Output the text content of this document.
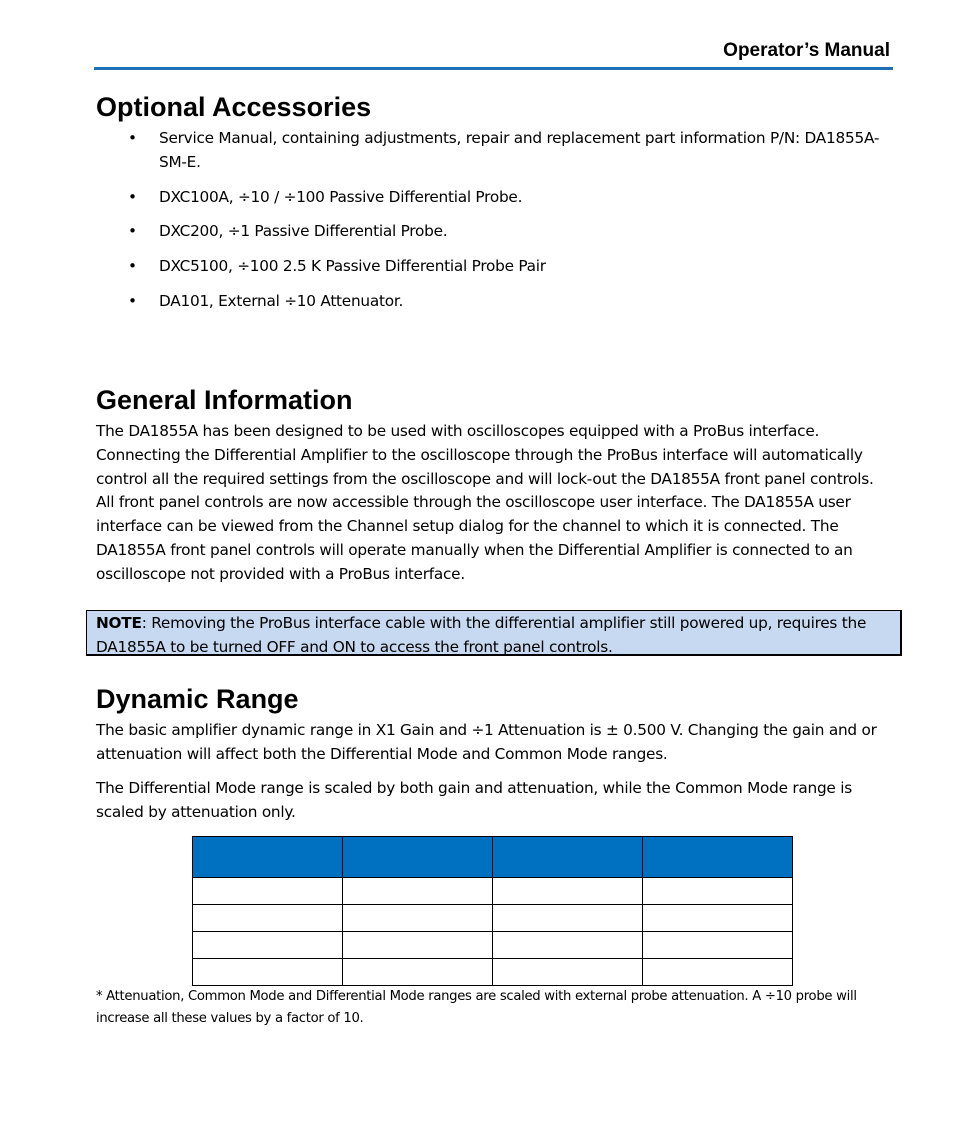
Operator’s Manual
Optional Accessories
• Service Manual, containing adjustments, repair and replacement part information P/N: DA1855A-SM-E.
• DXC100A, ÷10 / ÷100 Passive Differential Probe.
• DXC200, ÷1 Passive Differential Probe.
• DXC5100, ÷100 2.5 K Passive Differential Probe Pair
• DA101, External ÷10 Attenuator.
General Information

The DA1855A has been designed to be used with oscilloscopes equipped with a ProBus interface. Connecting the Differential Amplifier to the oscilloscope through the ProBus interface will automatically control all the required settings from the oscilloscope and will lock-out the DA1855A front panel controls. All front panel controls are now accessible through the oscilloscope user interface. The DA1855A user interface can be viewed from the Channel setup dialog for the channel to which it is connected. The DA1855A front panel controls will operate manually when the Differential Amplifier is connected to an oscilloscope not provided with a ProBus interface.

NOTE: Removing the ProBus interface cable with the differential amplifier still powered up, requires the DA1855A to be turned OFF and ON to access the front panel controls.
Dynamic Range

The basic amplifier dynamic range in X1 Gain and ÷1 Attenuation is ± 0.500 V. Changing the gain and or attenuation will affect both the Differential Mode and Common Mode ranges.

The Differential Mode range is scaled by both gain and attenuation, while the Common Mode range is scaled by attenuation only.

* Attenuation, Common Mode and Differential Mode ranges are scaled with external probe attenuation. A ÷10 probe will increase all these values by a factor of 10.
